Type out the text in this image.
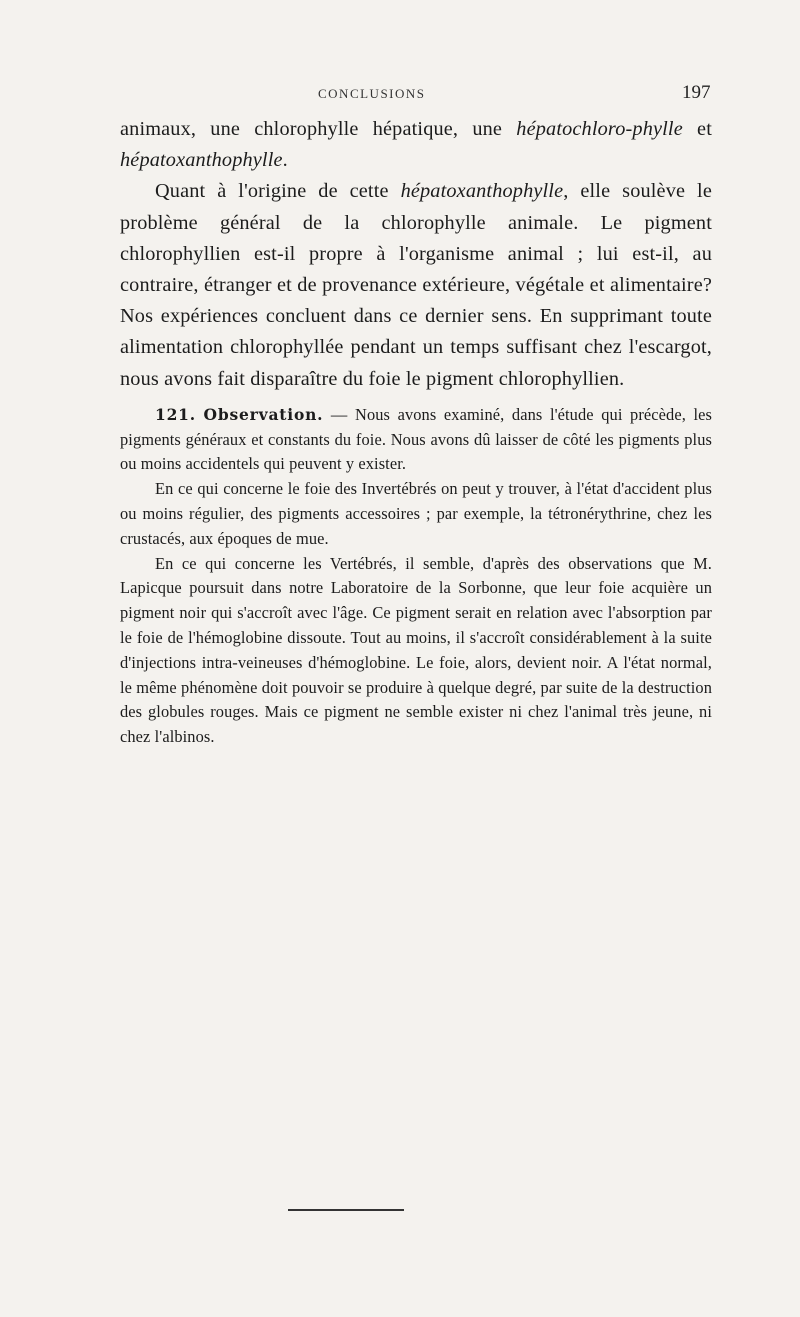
CONCLUSIONS	197

animaux, une chlorophylle hépatique, une hépatochloro-phylle et hépatoxanthophylle.

Quant à l'origine de cette hépatoxanthophylle, elle soulève le problème général de la chlorophylle animale. Le pigment chlorophyllien est-il propre à l'organisme animal ; lui est-il, au contraire, étranger et de provenance extérieure, végétale et alimentaire? Nos expériences concluent dans ce dernier sens. En supprimant toute alimentation chlorophyllée pendant un temps suffisant chez l'escargot, nous avons fait disparaître du foie le pigment chlorophyllien.

121. Observation. — Nous avons examiné, dans l'étude qui précède, les pigments généraux et constants du foie. Nous avons dû laisser de côté les pigments plus ou moins accidentels qui peuvent y exister.

En ce qui concerne le foie des Invertébrés on peut y trouver, à l'état d'accident plus ou moins régulier, des pigments accessoires ; par exemple, la tétronérythrine, chez les crustacés, aux époques de mue.

En ce qui concerne les Vertébrés, il semble, d'après des observations que M. Lapicque poursuit dans notre Laboratoire de la Sorbonne, que leur foie acquière un pigment noir qui s'accroît avec l'âge. Ce pigment serait en relation avec l'absorption par le foie de l'hémoglobine dissoute. Tout au moins, il s'accroît considérablement à la suite d'injections intra-veineuses d'hémoglobine. Le foie, alors, devient noir. A l'état normal, le même phénomène doit pouvoir se produire à quelque degré, par suite de la destruction des globules rouges. Mais ce pigment ne semble exister ni chez l'animal très jeune, ni chez l'albinos.
